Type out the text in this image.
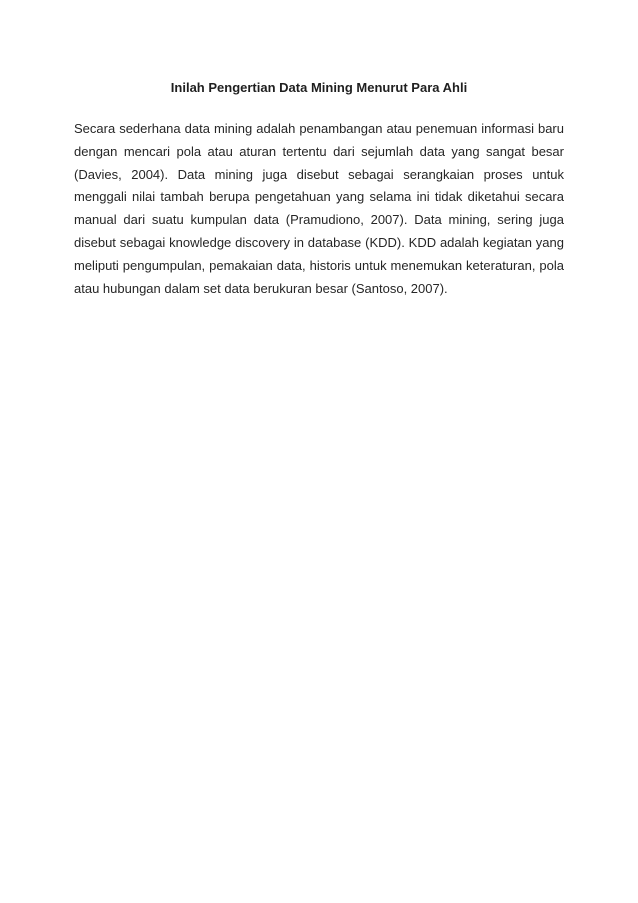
Inilah Pengertian Data Mining Menurut Para Ahli

Secara sederhana data mining adalah penambangan atau penemuan informasi baru dengan mencari pola atau aturan tertentu dari sejumlah data yang sangat besar (Davies, 2004). Data mining juga disebut sebagai serangkaian proses untuk menggali nilai tambah berupa pengetahuan yang selama ini tidak diketahui secara manual dari suatu kumpulan data (Pramudiono, 2007). Data mining, sering juga disebut sebagai knowledge discovery in database (KDD). KDD adalah kegiatan yang meliputi pengumpulan, pemakaian data, historis untuk menemukan keteraturan, pola atau hubungan dalam set data berukuran besar (Santoso, 2007).
